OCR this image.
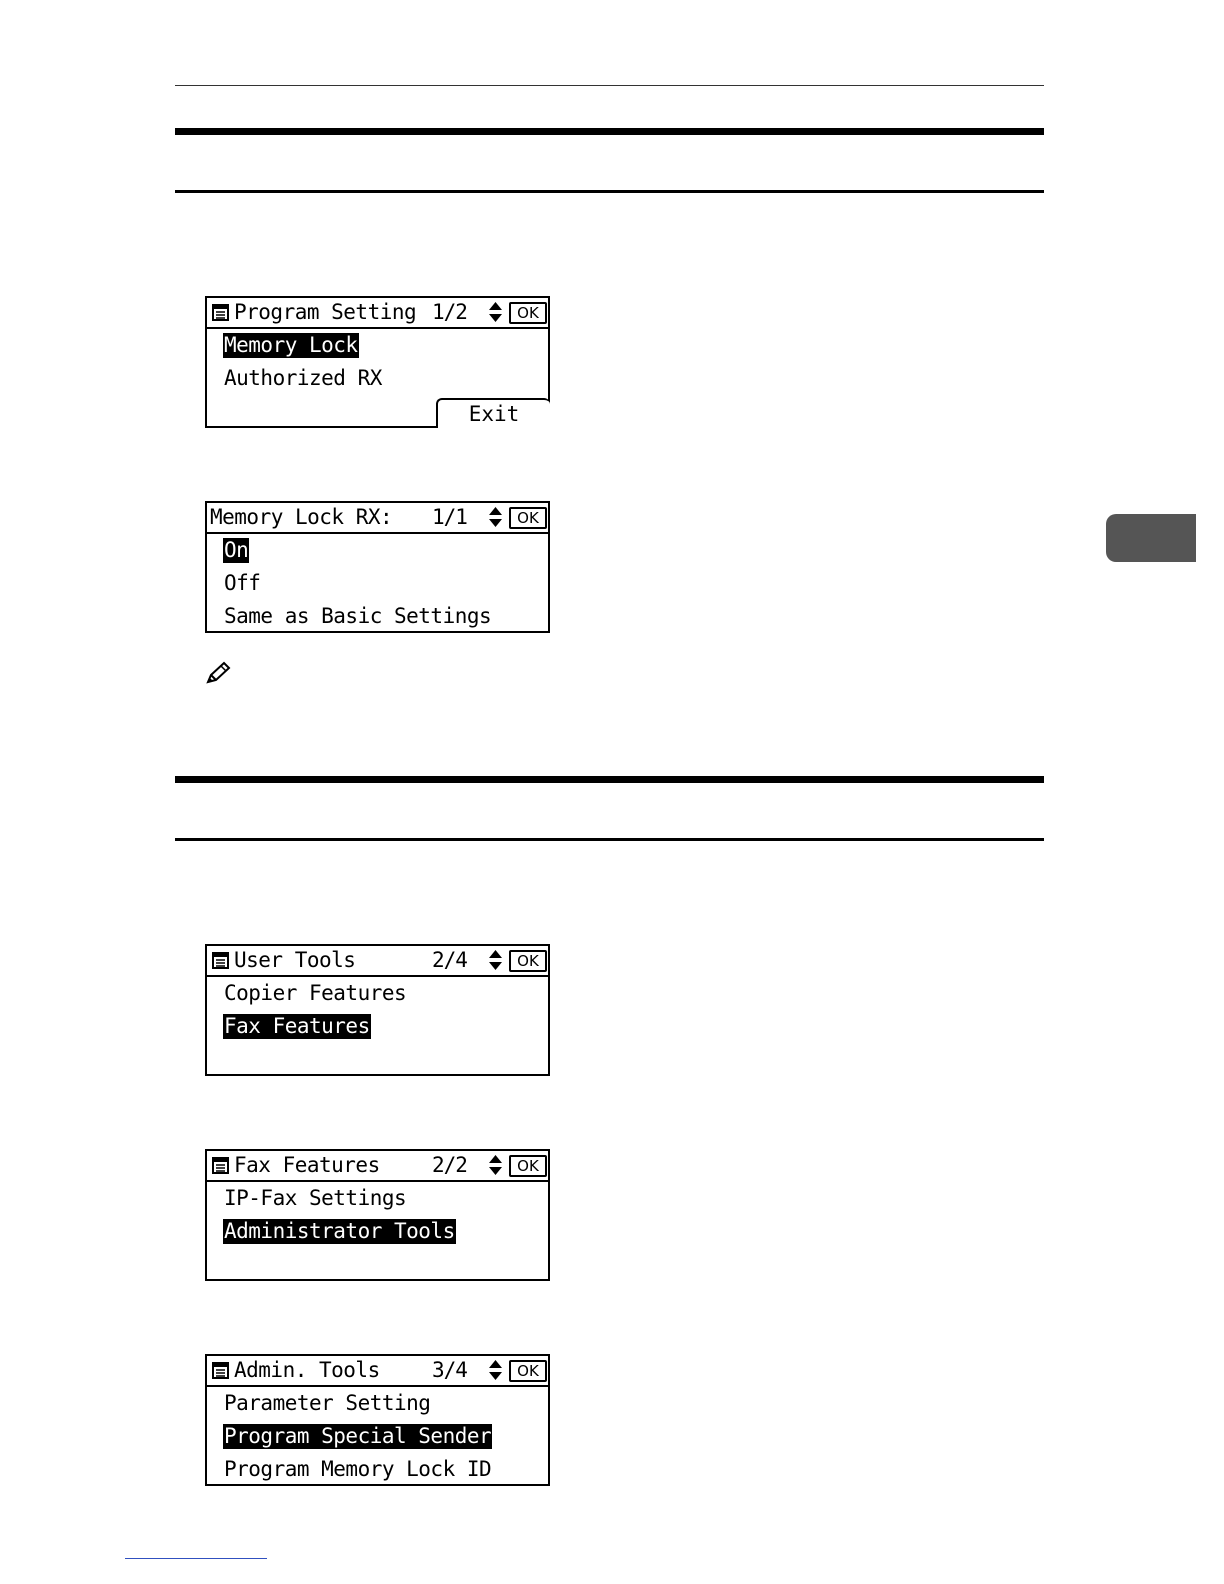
Program Setting 1/2	OK
Memory Lock
Authorized RX
Exit
Memory Lock RX: 1/1	OK
On
Off
Same as Basic Settings
User Tools	2/4	OK
Copier Features
Fax Features
Fax Features 2/2	OK
IP-Fax Settings
Administrator Tools
Admin. Tools 3/4	OK
Parameter Setting
Program Special Sender
Program Memory Lock ID
